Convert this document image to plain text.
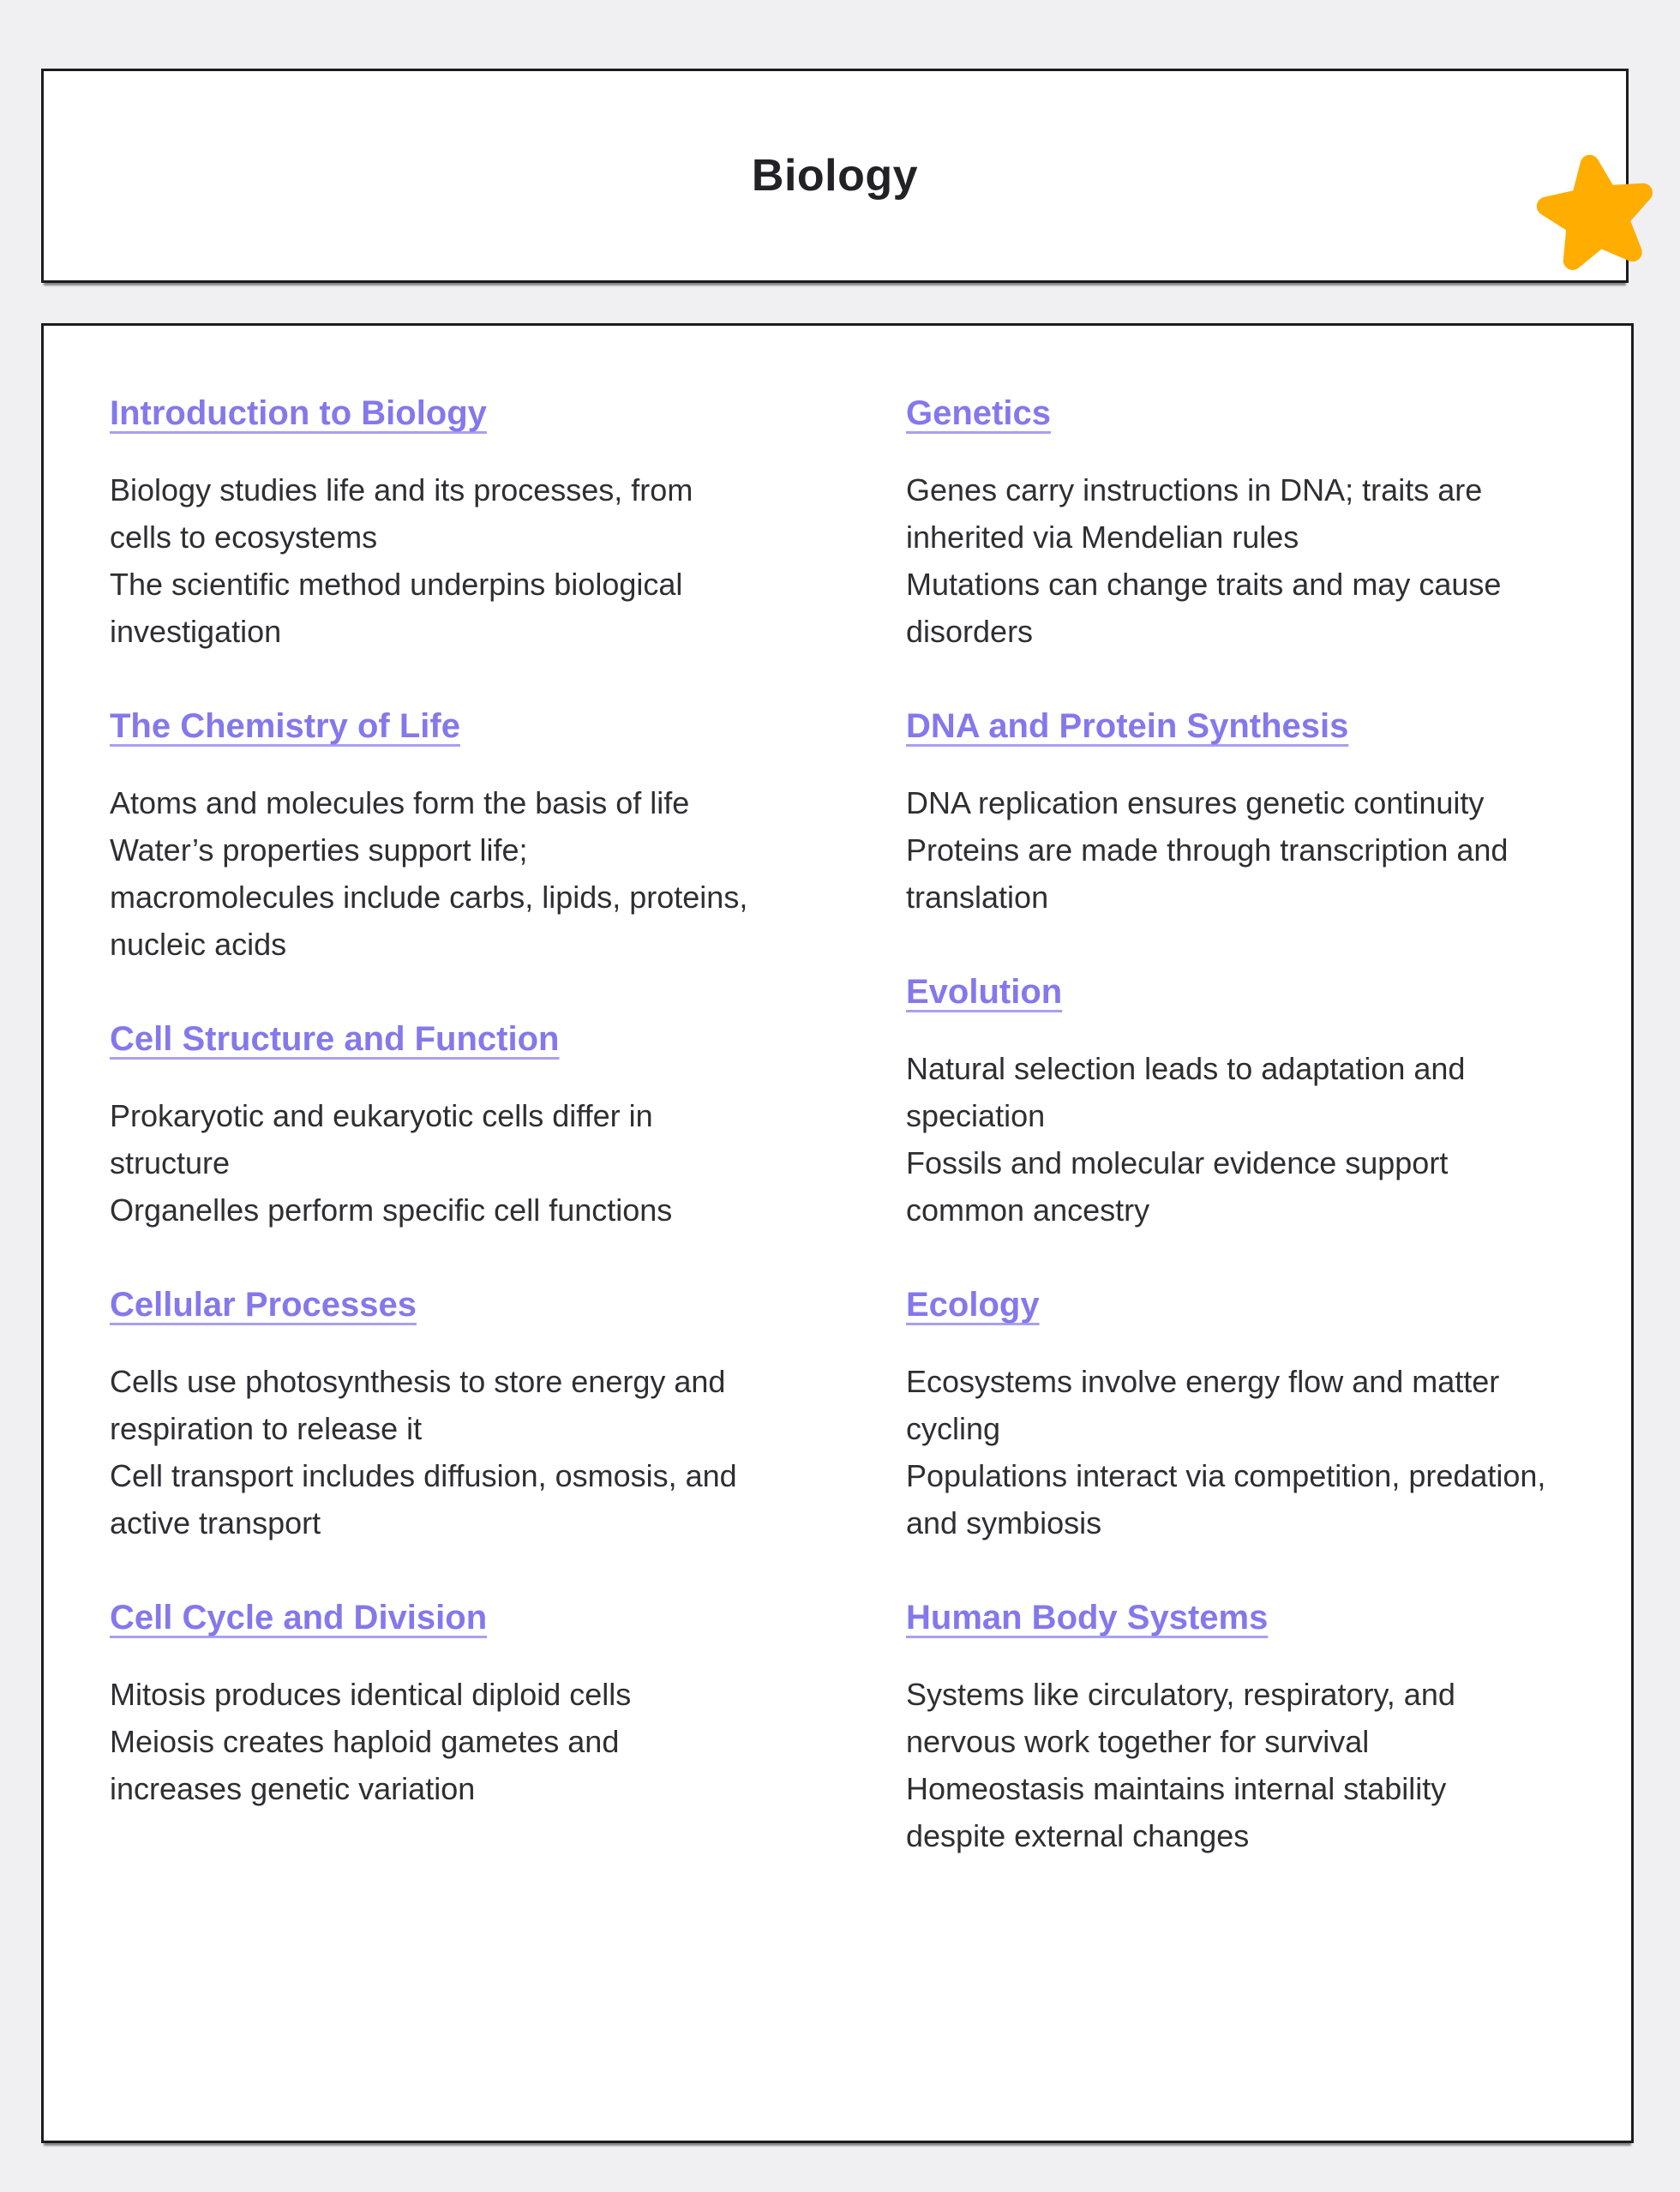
Biology
Introduction to Biology
Biology studies life and its processes, from cells to ecosystems
The scientific method underpins biological investigation
The Chemistry of Life
Atoms and molecules form the basis of life
Water’s properties support life; macromolecules include carbs, lipids, proteins, nucleic acids
Cell Structure and Function
Prokaryotic and eukaryotic cells differ in structure
Organelles perform specific cell functions
Cellular Processes
Cells use photosynthesis to store energy and respiration to release it
Cell transport includes diffusion, osmosis, and active transport
Cell Cycle and Division
Mitosis produces identical diploid cells
Meiosis creates haploid gametes and increases genetic variation
Genetics
Genes carry instructions in DNA; traits are inherited via Mendelian rules
Mutations can change traits and may cause disorders
DNA and Protein Synthesis
DNA replication ensures genetic continuity
Proteins are made through transcription and translation
Evolution
Natural selection leads to adaptation and speciation
Fossils and molecular evidence support common ancestry
Ecology
Ecosystems involve energy flow and matter cycling
Populations interact via competition, predation, and symbiosis
Human Body Systems
Systems like circulatory, respiratory, and nervous work together for survival
Homeostasis maintains internal stability despite external changes
